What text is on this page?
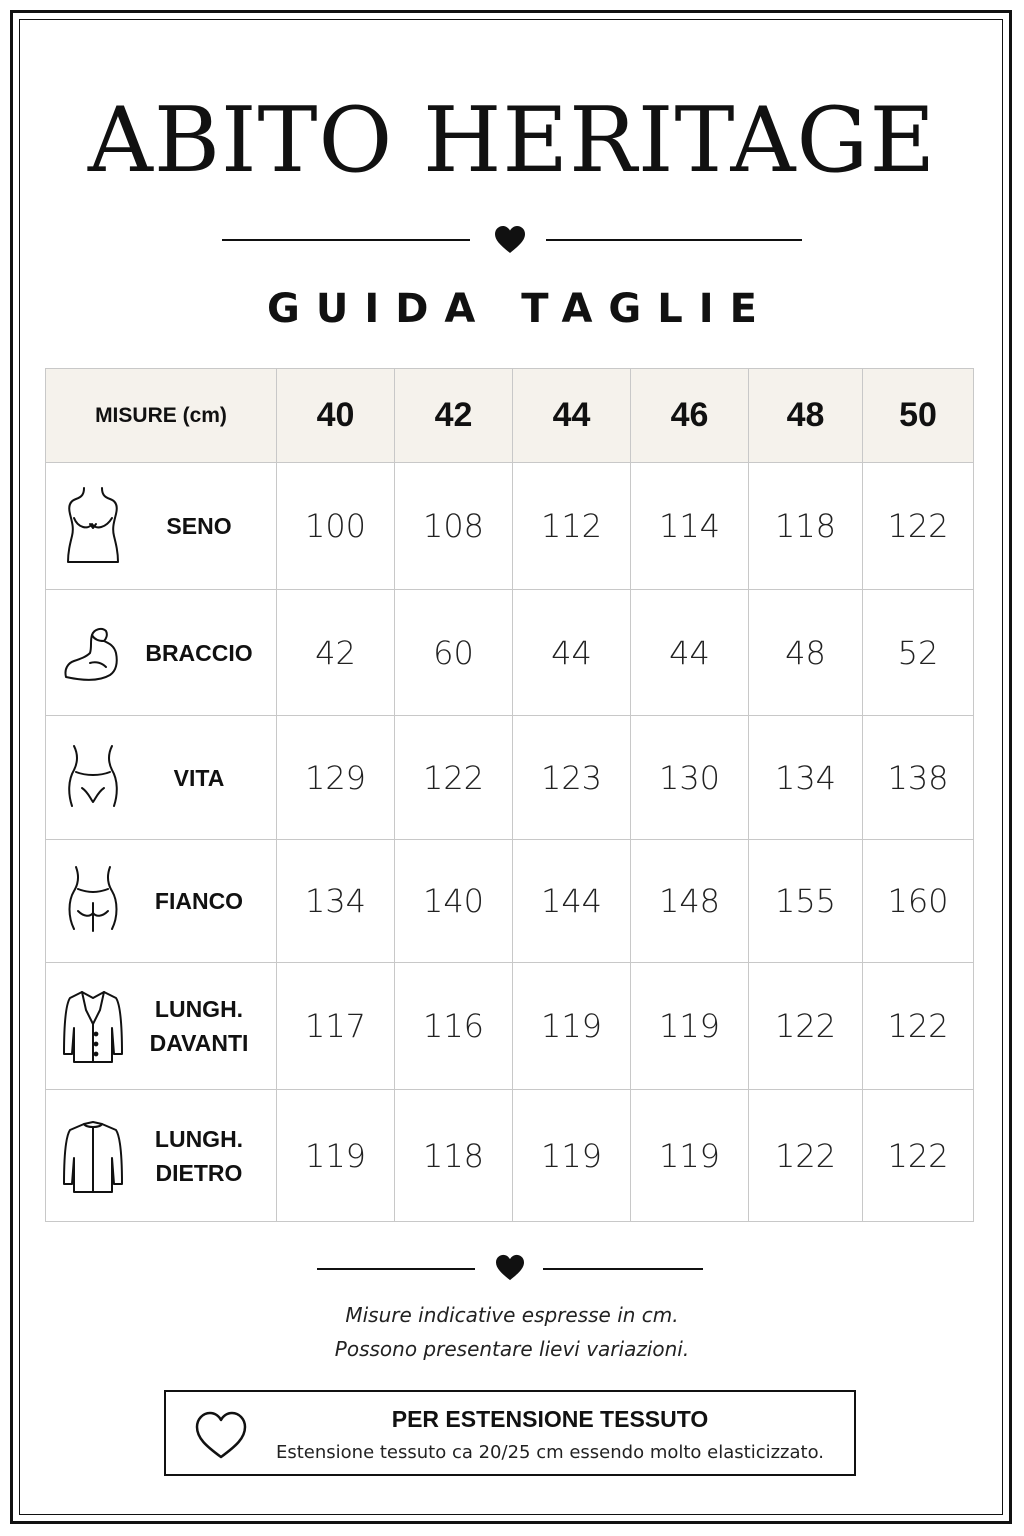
ABITO HERITAGE
GUIDA TAGLIE
MISURE (cm)	40	42	44	46	48	50

SENO	100	108	112	114	118	122

BRACCIO	42	60	44	44	48	52

VITA	129	122	123	130	134	138

FIANCO	134	140	144	148	155	160

LUNGH.
DAVANTI	117	116	119	119	122	122

LUNGH.
DIETRO	119	118	119	119	122	122
Misure indicative espresse in cm.
Possono presentare lievi variazioni.
PER ESTENSIONE TESSUTO
Estensione tessuto ca 20/25 cm essendo molto elasticizzato.
